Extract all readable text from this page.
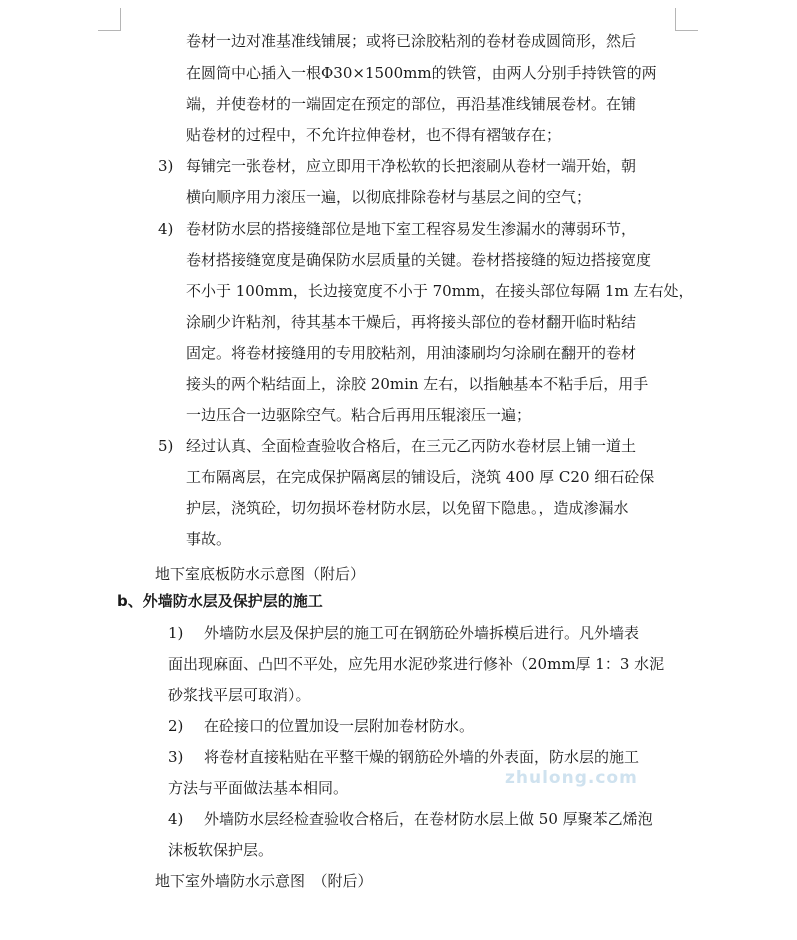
zhulong.com
卷材一边对准基准线铺展；或将已涂胶粘剂的卷材卷成圆筒形，然后
在圆筒中心插入一根Φ30×1500mm的铁管，由两人分别手持铁管的两
端，并使卷材的一端固定在预定的部位，再沿基准线铺展卷材。在铺
贴卷材的过程中，不允许拉伸卷材，也不得有褶皱存在；
3) 每铺完一张卷材，应立即用干净松软的长把滚刷从卷材一端开始，朝
横向顺序用力滚压一遍，以彻底排除卷材与基层之间的空气；
4) 卷材防水层的搭接缝部位是地下室工程容易发生渗漏水的薄弱环节，
卷材搭接缝宽度是确保防水层质量的关键。卷材搭接缝的短边搭接宽度
不小于 100mm，长边接宽度不小于 70mm，在接头部位每隔 1m 左右处，
涂刷少许粘剂，待其基本干燥后，再将接头部位的卷材翻开临时粘结
固定。将卷材接缝用的专用胶粘剂，用油漆刷均匀涂刷在翻开的卷材
接头的两个粘结面上，涂胶 20min 左右，以指触基本不粘手后，用手
一边压合一边驱除空气。粘合后再用压辊滚压一遍；
5) 经过认真、全面检查验收合格后，在三元乙丙防水卷材层上铺一道土
工布隔离层，在完成保护隔离层的铺设后，浇筑 400 厚 C20 细石砼保
护层，浇筑砼，切勿损坏卷材防水层，以免留下隐患。，造成渗漏水
事故。
地下室底板防水示意图（附后）
b、外墙防水层及保护层的施工
1) 外墙防水层及保护层的施工可在钢筋砼外墙拆模后进行。凡外墙表
面出现麻面、凸凹不平处，应先用水泥砂浆进行修补（20mm厚 1：3 水泥
砂浆找平层可取消）。
2) 在砼接口的位置加设一层附加卷材防水。
3) 将卷材直接粘贴在平整干燥的钢筋砼外墙的外表面，防水层的施工
方法与平面做法基本相同。
4) 外墙防水层经检查验收合格后，在卷材防水层上做 50 厚聚苯乙烯泡
沫板软保护层。
地下室外墙防水示意图　（附后）
